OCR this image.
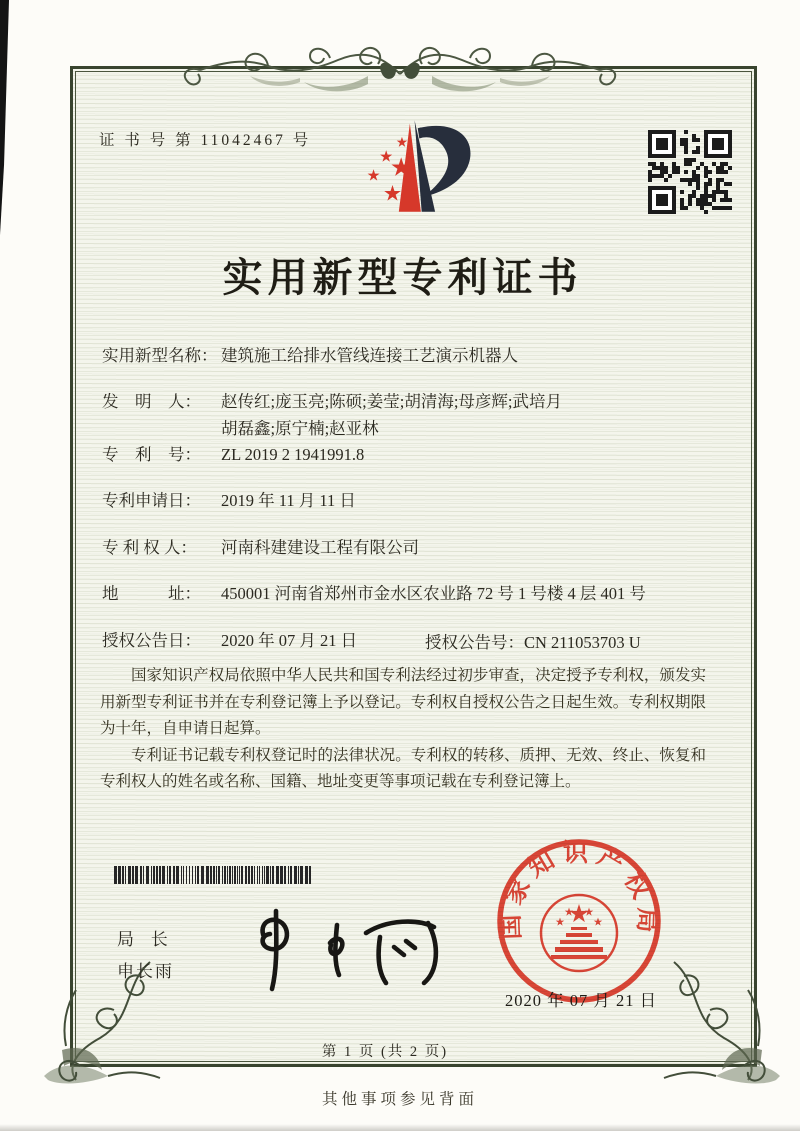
证 书 号 第 11042467 号
实用新型专利证书
实用新型名称： 建筑施工给排水管线连接工艺演示机器人
发　明　人： 赵传红;庞玉亮;陈硕;姜莹;胡清海;母彦辉;武培月
胡磊鑫;原宁楠;赵亚林
专　利　号： ZL 2019 2 1941991.8
专利申请日： 2019 年 11 月 11 日
专 利 权 人： 河南科建建设工程有限公司
地　　　址： 450001 河南省郑州市金水区农业路 72 号 1 号楼 4 层 401 号
授权公告日： 2020 年 07 月 21 日	授权公告号：CN 211053703 U

国家知识产权局依照中华人民共和国专利法经过初步审查，决定授予专利权，颁发实用新型专利证书并在专利登记簿上予以登记。专利权自授权公告之日起生效。专利权期限为十年，自申请日起算。

专利证书记载专利权登记时的法律状况。专利权的转移、质押、无效、终止、恢复和专利权人的姓名或名称、国籍、地址变更等事项记载在专利登记簿上。

局 长
申长雨
国家知识产权局
2020 年 07 月 21 日
第 1 页 (共 2 页)
其他事项参见背面
